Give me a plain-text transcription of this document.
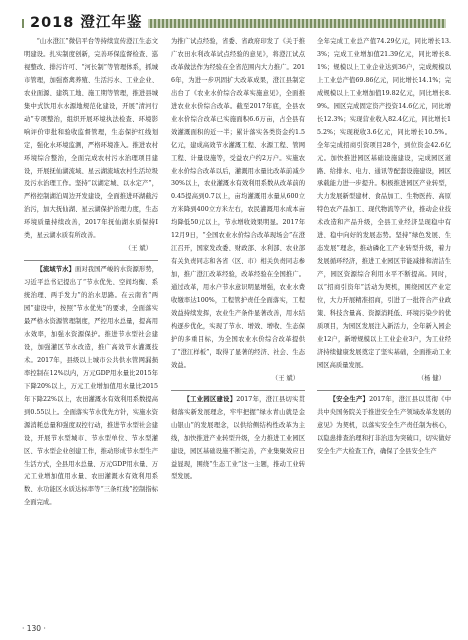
2018 澄江年鉴

“山水澄江”微信平台等持续宣传澄江生态文明建设。扎实制度创新，完善环保监督检查、巡视整改、排污许可、“河长制”等管理体系，抓城市管理，加强畜禽养殖、生活污水、工业企业、农业面源、建筑工地、施工期等管理，推进县城集中式饮用水水源地规范化建设，开展“清河行动”专项整治，组织开展环境执法检查、环境影响评价审批和验收监督管理，生态保护红线划定，强化水环境监测，严格环境准入。推进农村环境综合整治，全面完成农村污水治理项目建设，开展抚仙湖流域、星云湖流域农村生活垃圾及污水治理工作。坚持“以湖定城、以水定产”，严格控制湖泊周边开发建设，全面推进环湖截污治污，加大抚仙湖、星云湖保护治理力度，生态环境质量持续改善，2017年抚仙湖水质保持Ⅰ类，星云湖水质有所改善。

（王 斌）

【流域节水】面对我国严峻的水资源形势，习近平总书记提出了“节水优先、空间均衡、系统治理、两手发力”的治水思路。在云南省“两园”建设中，按照“节水优先”的要求，全面落实最严格水资源管理制度，严控用水总量，提高用水效率，加强水资源保护。推进节水型社会建设，加强灌区节水改造，推广高效节水灌溉技术。2017年，县级以上城市公共供水管网漏损率控制在12%以内，万元GDP用水量比2015年下降20%以上，万元工业增加值用水量比2015年下降22%以上，农田灌溉水有效利用系数提高到0.55以上。全面落实节水优先方针，实施水资源消耗总量和强度双控行动，推进节水型社会建设，开展节水型城市、节水型单位、节水型灌区、节水型企业创建工作，推动形成节水型生产生活方式，全县用水总量、万元GDP用水量、万元工业增加值用水量、农田灌溉水有效利用系数、水功能区水质达标率等“三条红线”控制指标全面完成。

为推广试点经验，省委、省政府印发了《关于推广农田水利改革试点经验的意见》，将澄江试点改革做法作为经验在全省范围内大力推广。2016年，为进一步巩固扩大改革成果，澄江县制定出台了《农业水价综合改革实施意见》，全面推进农业水价综合改革。截至2017年底，全县农业水价综合改革已实施面积6.6万亩，占全县有效灌溉面积的近一半；累计落实各类资金约1.5亿元，建成高效节水灌溉工程、水源工程、管网工程、计量设施等，受益农户约2万户。实施农业水价综合改革以后，灌溉用水量比改革前减少30%以上，农业灌溉水有效利用系数从改革前的0.45提高到0.7以上，亩均灌溉用水量从600立方米降到400立方米左右，农民灌溉用水成本亩均降低50元以上，节水增收效果明显。2017年12月9日，“全国农业水价综合改革现场会”在澄江召开，国家发改委、财政部、水利部、农业部有关负责同志和各省（区、市）相关负责同志参加，推广澄江改革经验，改革经验在全国推广。通过改革，用水户节水意识明显增强，农业水费收缴率达100%，工程管护责任全面落实，工程效益持续发挥，农业生产条件显著改善，用水结构逐步优化，实现了节水、增效、增收、生态保护的多重目标，为全国农业水价综合改革提供了“澄江样板”，取得了显著的经济、社会、生态效益。

（王 斌）

【工业园区建设】2017年，澄江县切实贯彻落实新发展理念，牢牢把握“绿水青山就是金山银山”的发展理念，以供给侧结构性改革为主线，加快推进产业转型升级，全力推进工业园区建设，园区基础设施不断完善，产业集聚效应日益显现，围绕“生态工业”这一主题，推动工业转型发展。

全年完成工业总产值74.29亿元，同比增长13.3%；完成工业增加值21.39亿元，同比增长8.1%；规模以上工业企业达到36户，完成规模以上工业总产值69.86亿元，同比增长14.1%；完成规模以上工业增加值19.82亿元，同比增长8.9%。园区完成固定资产投资14.6亿元，同比增长12.3%；实现营业收入82.4亿元，同比增长15.2%；实现税收3.6亿元，同比增长10.5%。全年完成招商引资项目28个，到位资金42.6亿元。加快推进园区基础设施建设，完成园区道路、给排水、电力、通讯等配套设施建设，园区承载能力进一步提升。积极推进园区产业转型，大力发展新型建材、食品加工、生物医药、高原特色农产品加工、现代物流等产业，推动企业技术改造和产品升级，全县工业经济呈现稳中有进、稳中向好的发展态势。坚持“绿色发展、生态发展”理念，推动磷化工产业转型升级，着力发展循环经济，推进工业园区节能减排和清洁生产，园区资源综合利用水平不断提高。同时，以“招商引资年”活动为契机，围绕园区产业定位，大力开展精准招商，引进了一批符合产业政策、科技含量高、资源消耗低、环境污染少的优质项目，为园区发展注入新活力，全年新入园企业12户，新增规模以上工业企业3户，为工业经济持续健康发展奠定了坚实基础，全面推动工业园区高质量发展。

（杨 健）

【安全生产】2017年，澄江县以贯彻《中共中央国务院关于推进安全生产领域改革发展的意见》为契机，以落实安全生产责任制为核心，以隐患排查治理和打非治违为突破口，切实做好安全生产大检查工作，确保了全县安全生产

· 130 ·
